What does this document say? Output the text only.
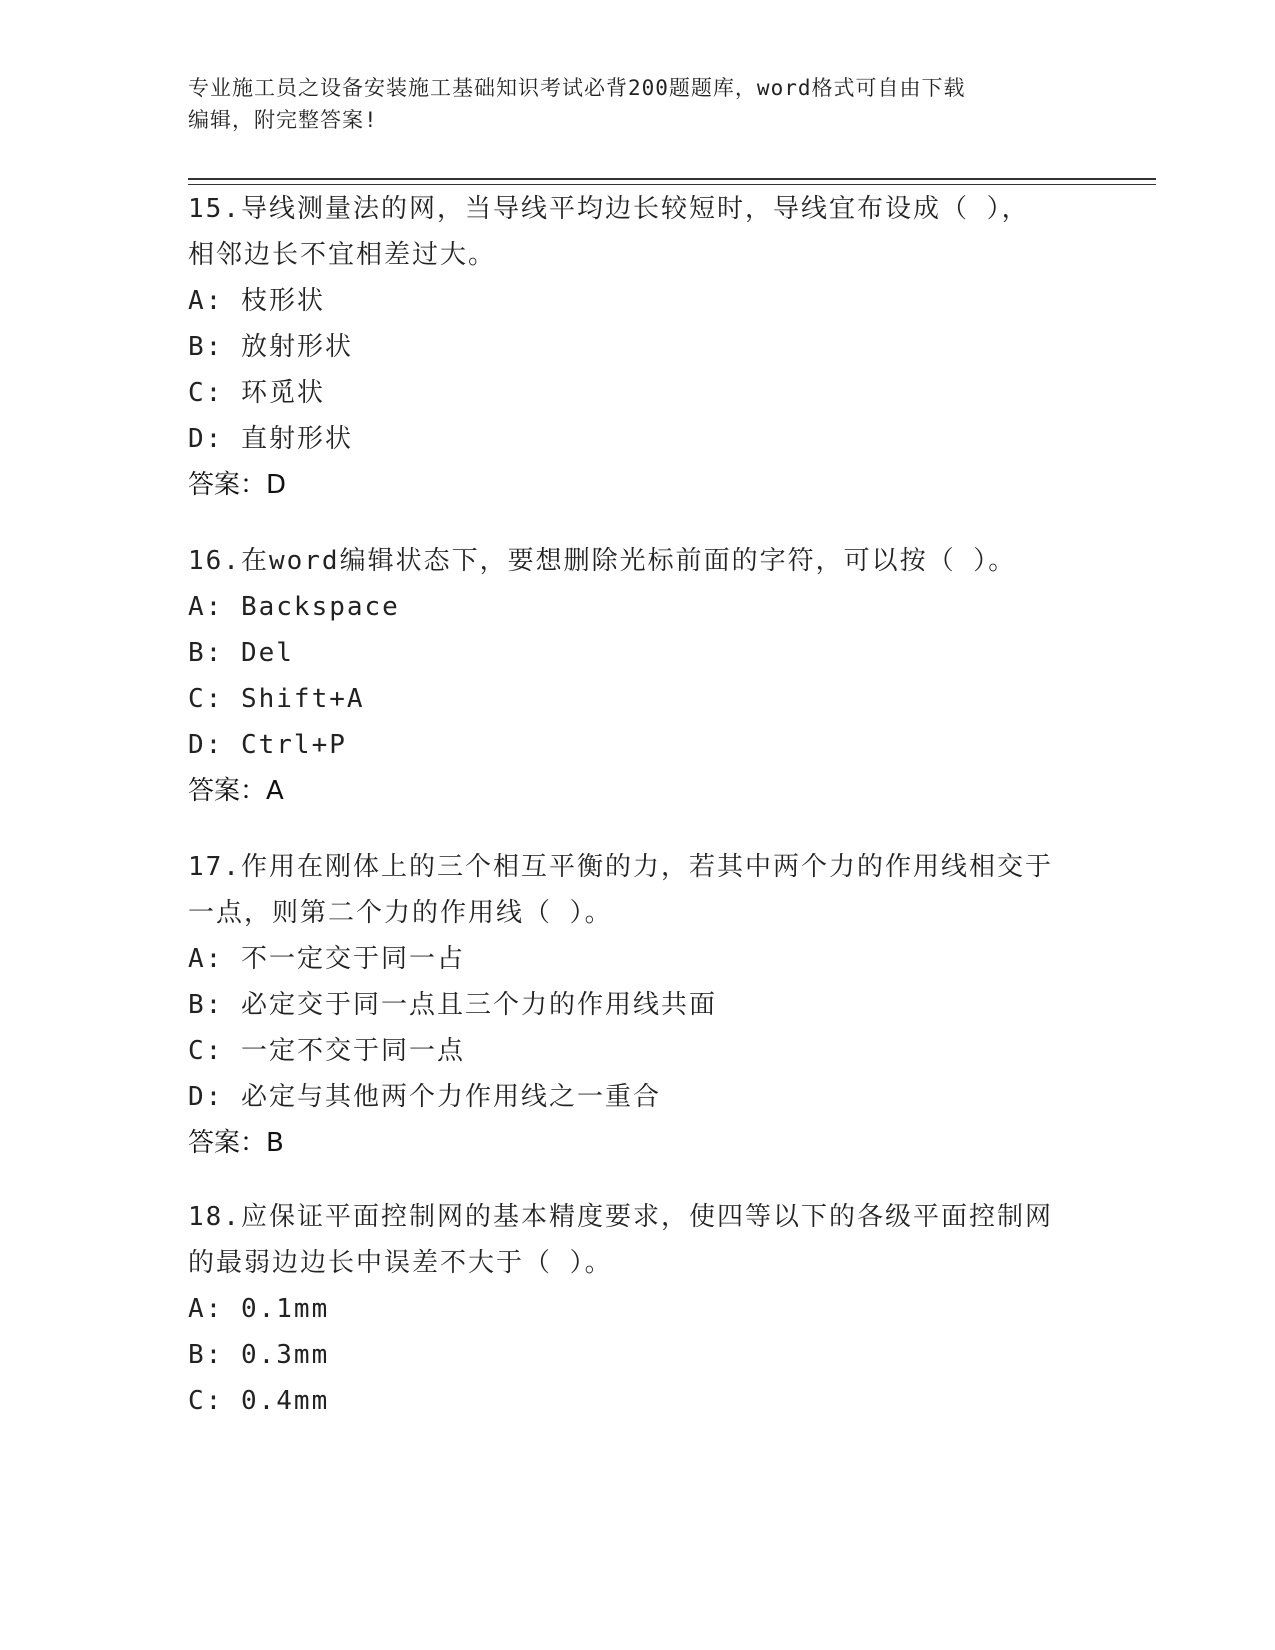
专业施工员之设备安装施工基础知识考试必背200题题库，word格式可自由下载
编辑，附完整答案!

15.导线测量法的网，当导线平均边长较短时，导线宜布设成（ ），

相邻边长不宜相差过大。

A: 枝形状

B: 放射形状

C: 环觅状

D: 直射形状

答案：D

16.在word编辑状态下，要想删除光标前面的字符，可以按（ ）。

A: Backspace

B: Del

C: Shift+A

D: Ctrl+P

答案：A

17.作用在刚体上的三个相互平衡的力，若其中两个力的作用线相交于

一点，则第二个力的作用线（ ）。

A: 不一定交于同一占

B: 必定交于同一点且三个力的作用线共面

C: 一定不交于同一点

D: 必定与其他两个力作用线之一重合

答案：B

18.应保证平面控制网的基本精度要求，使四等以下的各级平面控制网

的最弱边边长中误差不大于（ ）。

A: 0.1mm

B: 0.3mm

C: 0.4mm
